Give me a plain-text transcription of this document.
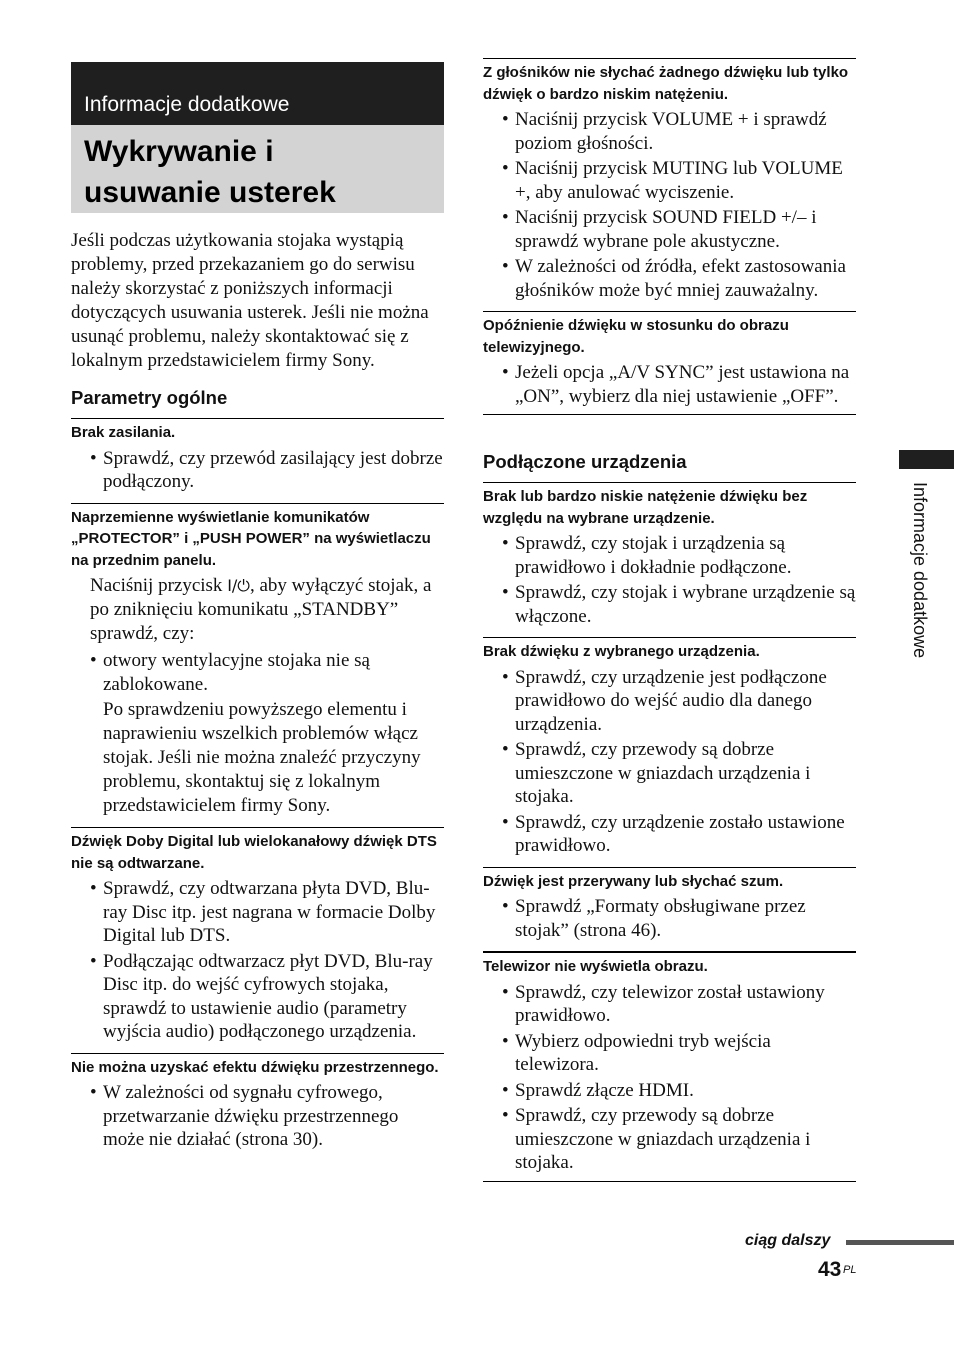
Informacje dodatkowe
Wykrywanie i
usuwanie usterek
Jeśli podczas użytkowania stojaka wystąpią problemy, przed przekazaniem go do serwisu należy skorzystać z poniższych informacji dotyczących usuwania usterek. Jeśli nie można usunąć problemu, należy skontaktować się z lokalnym przedstawicielem firmy Sony.
Parametry ogólne
Brak zasilania.
• Sprawdź, czy przewód zasilający jest dobrze podłączony.
Naprzemienne wyświetlanie komunikatów „PROTECTOR” i „PUSH POWER” na wyświetlaczu na przednim panelu.
Naciśnij przycisk I/⏻, aby wyłączyć stojak, a po zniknięciu komunikatu „STANDBY” sprawdź, czy:
• otwory wentylacyjne stojaka nie są zablokowane.
Po sprawdzeniu powyższego elementu i naprawieniu wszelkich problemów włącz stojak. Jeśli nie można znaleźć przyczyny problemu, skontaktuj się z lokalnym przedstawicielem firmy Sony.
Dźwięk Doby Digital lub wielokanałowy dźwięk DTS nie są odtwarzane.
• Sprawdź, czy odtwarzana płyta DVD, Blu-ray Disc itp. jest nagrana w formacie Dolby Digital lub DTS.
• Podłączając odtwarzacz płyt DVD, Blu-ray Disc itp. do wejść cyfrowych stojaka, sprawdź to ustawienie audio (parametry wyjścia audio) podłączonego urządzenia.
Nie można uzyskać efektu dźwięku przestrzennego.
• W zależności od sygnału cyfrowego, przetwarzanie dźwięku przestrzennego może nie działać (strona 30).
Z głośników nie słychać żadnego dźwięku lub tylko dźwięk o bardzo niskim natężeniu.
• Naciśnij przycisk VOLUME + i sprawdź poziom głośności.
• Naciśnij przycisk MUTING lub VOLUME +, aby anulować wyciszenie.
• Naciśnij przycisk SOUND FIELD +/– i sprawdź wybrane pole akustyczne.
• W zależności od źródła, efekt zastosowania głośników może być mniej zauważalny.
Opóźnienie dźwięku w stosunku do obrazu telewizyjnego.
• Jeżeli opcja „A/V SYNC” jest ustawiona na „ON”, wybierz dla niej ustawienie „OFF”.
Podłączone urządzenia
Brak lub bardzo niskie natężenie dźwięku bez względu na wybrane urządzenie.
• Sprawdź, czy stojak i urządzenia są prawidłowo i dokładnie podłączone.
• Sprawdź, czy stojak i wybrane urządzenie są włączone.
Brak dźwięku z wybranego urządzenia.
• Sprawdź, czy urządzenie jest podłączone prawidłowo do wejść audio dla danego urządzenia.
• Sprawdź, czy przewody są dobrze umieszczone w gniazdach urządzenia i stojaka.
• Sprawdź, czy urządzenie zostało ustawione prawidłowo.
Dźwięk jest przerywany lub słychać szum.
• Sprawdź „Formaty obsługiwane przez stojak” (strona 46).
Telewizor nie wyświetla obrazu.
• Sprawdź, czy telewizor został ustawiony prawidłowo.
• Wybierz odpowiedni tryb wejścia telewizora.
• Sprawdź złącze HDMI.
• Sprawdź, czy przewody są dobrze umieszczone w gniazdach urządzenia i stojaka.
Informacje dodatkowe
ciąg dalszy
43 PL
